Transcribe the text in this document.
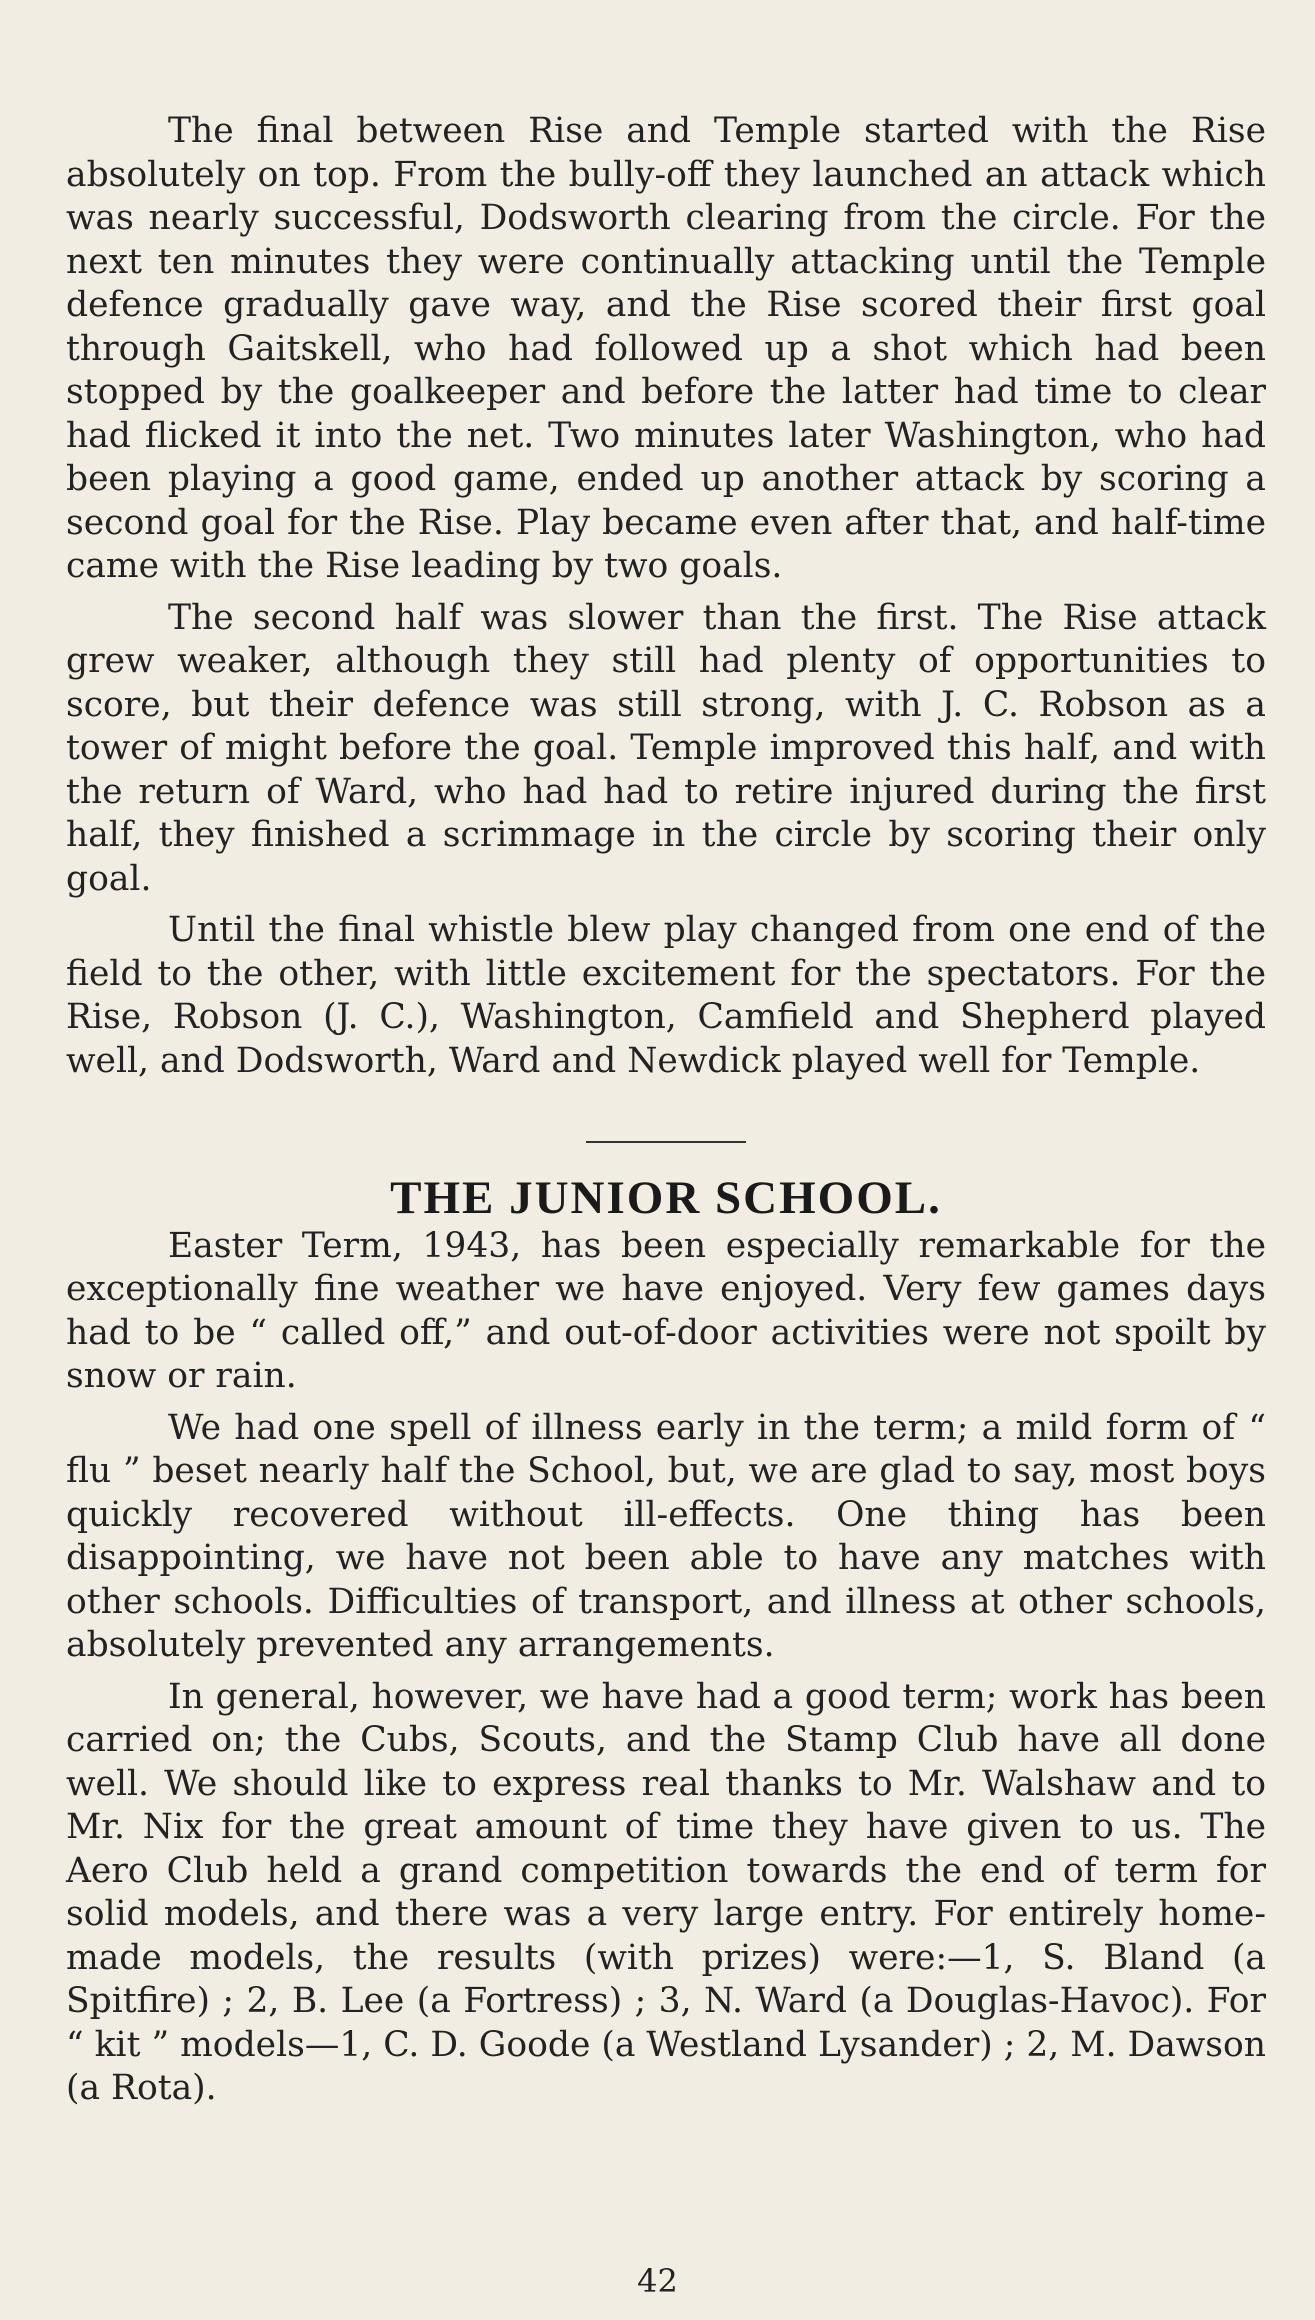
The final between Rise and Temple started with the Rise absolutely on top. From the bully-off they launched an attack which was nearly successful, Dodsworth clearing from the circle. For the next ten minutes they were continually attacking until the Temple defence gradually gave way, and the Rise scored their first goal through Gaitskell, who had followed up a shot which had been stopped by the goalkeeper and before the latter had time to clear had flicked it into the net. Two minutes later Washington, who had been playing a good game, ended up another attack by scoring a second goal for the Rise. Play became even after that, and half-time came with the Rise leading by two goals.

The second half was slower than the first. The Rise attack grew weaker, although they still had plenty of opportunities to score, but their defence was still strong, with J. C. Robson as a tower of might before the goal. Temple improved this half, and with the return of Ward, who had had to retire injured during the first half, they finished a scrimmage in the circle by scoring their only goal.

Until the final whistle blew play changed from one end of the field to the other, with little excitement for the spectators. For the Rise, Robson (J. C.), Washington, Camfield and Shepherd played well, and Dodsworth, Ward and Newdick played well for Temple.

THE JUNIOR SCHOOL.

Easter Term, 1943, has been especially remarkable for the exceptionally fine weather we have enjoyed. Very few games days had to be “ called off,” and out-of-door activities were not spoilt by snow or rain.

We had one spell of illness early in the term; a mild form of “ flu ” beset nearly half the School, but, we are glad to say, most boys quickly recovered without ill-effects. One thing has been disappointing, we have not been able to have any matches with other schools. Difficulties of transport, and illness at other schools, absolutely prevented any arrangements.

In general, however, we have had a good term; work has been carried on; the Cubs, Scouts, and the Stamp Club have all done well. We should like to express real thanks to Mr. Walshaw and to Mr. Nix for the great amount of time they have given to us. The Aero Club held a grand competition towards the end of term for solid models, and there was a very large entry. For entirely home-made models, the results (with prizes) were:—1, S. Bland (a Spitfire) ; 2, B. Lee (a Fortress) ; 3, N. Ward (a Douglas-Havoc). For “ kit ” models—1, C. D. Goode (a Westland Lysander) ; 2, M. Dawson (a Rota).

42
